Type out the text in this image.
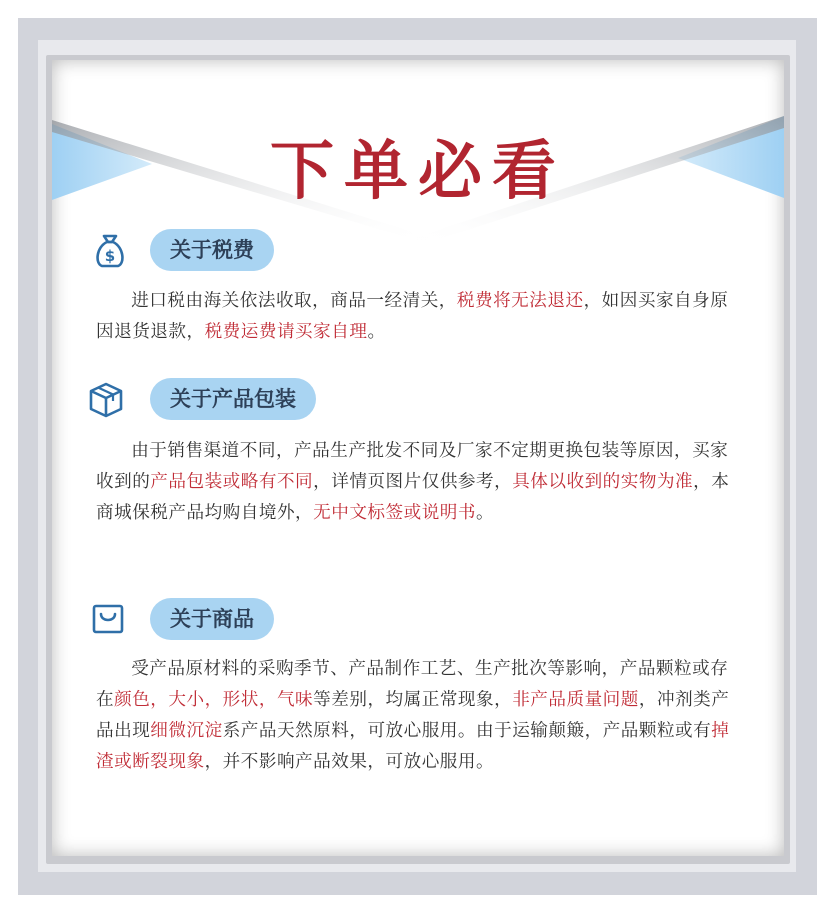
下单必看
$	关于税费
进口税由海关依法收取，商品一经清关，税费将无法退还，如因买家自身原因退货退款，税费运费请买家自理。
关于产品包装
由于销售渠道不同，产品生产批发不同及厂家不定期更换包装等原因，买家收到的产品包装或略有不同，详情页图片仅供参考，具体以收到的实物为准，本商城保税产品均购自境外，无中文标签或说明书。
关于商品
受产品原材料的采购季节、产品制作工艺、生产批次等影响，产品颗粒或存在颜色，大小，形状，气味等差别，均属正常现象，非产品质量问题，冲剂类产品出现细微沉淀系产品天然原料，可放心服用。由于运输颠簸，产品颗粒或有掉渣或断裂现象，并不影响产品效果，可放心服用。
